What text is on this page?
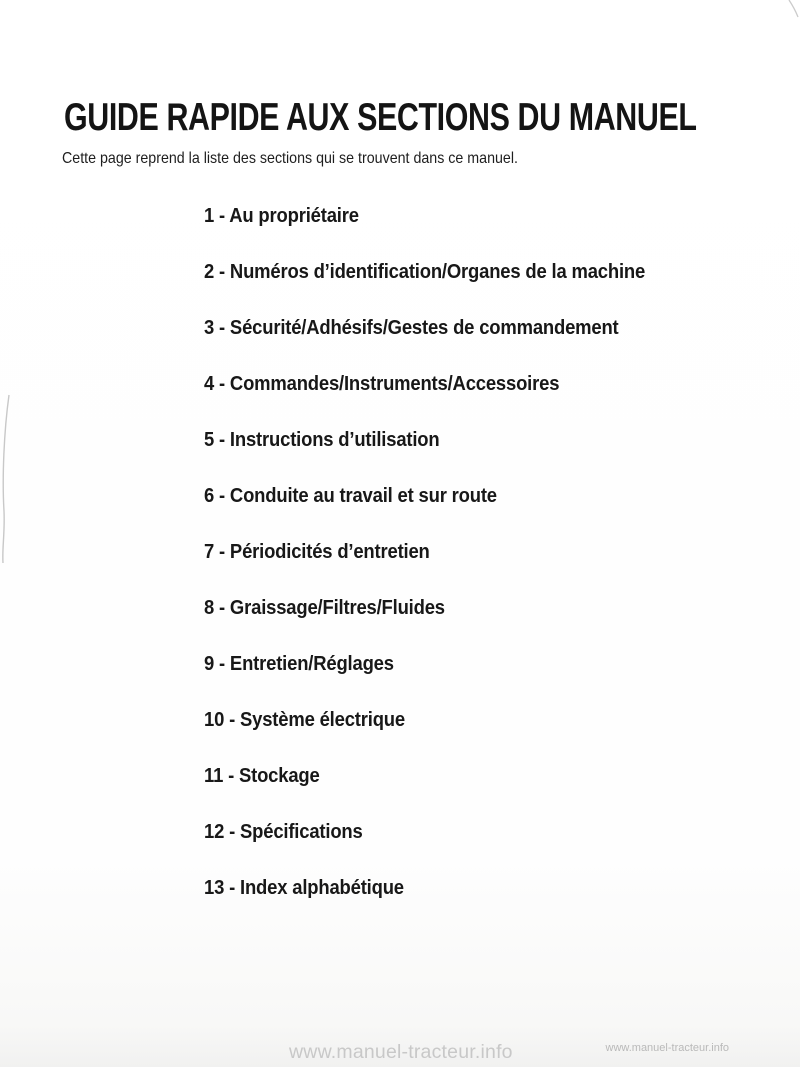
GUIDE RAPIDE AUX SECTIONS DU MANUEL

Cette page reprend la liste des sections qui se trouvent dans ce manuel.

1 - Au propriétaire
2 - Numéros d’identification/Organes de la machine
3 - Sécurité/Adhésifs/Gestes de commandement
4 - Commandes/Instruments/Accessoires
5 - Instructions d’utilisation
6 - Conduite au travail et sur route
7 - Périodicités d’entretien
8 - Graissage/Filtres/Fluides
9 - Entretien/Réglages
10 - Système électrique
11 - Stockage
12 - Spécifications
13 - Index alphabétique
www.manuel-tracteur.info	www.manuel-tracteur.info
